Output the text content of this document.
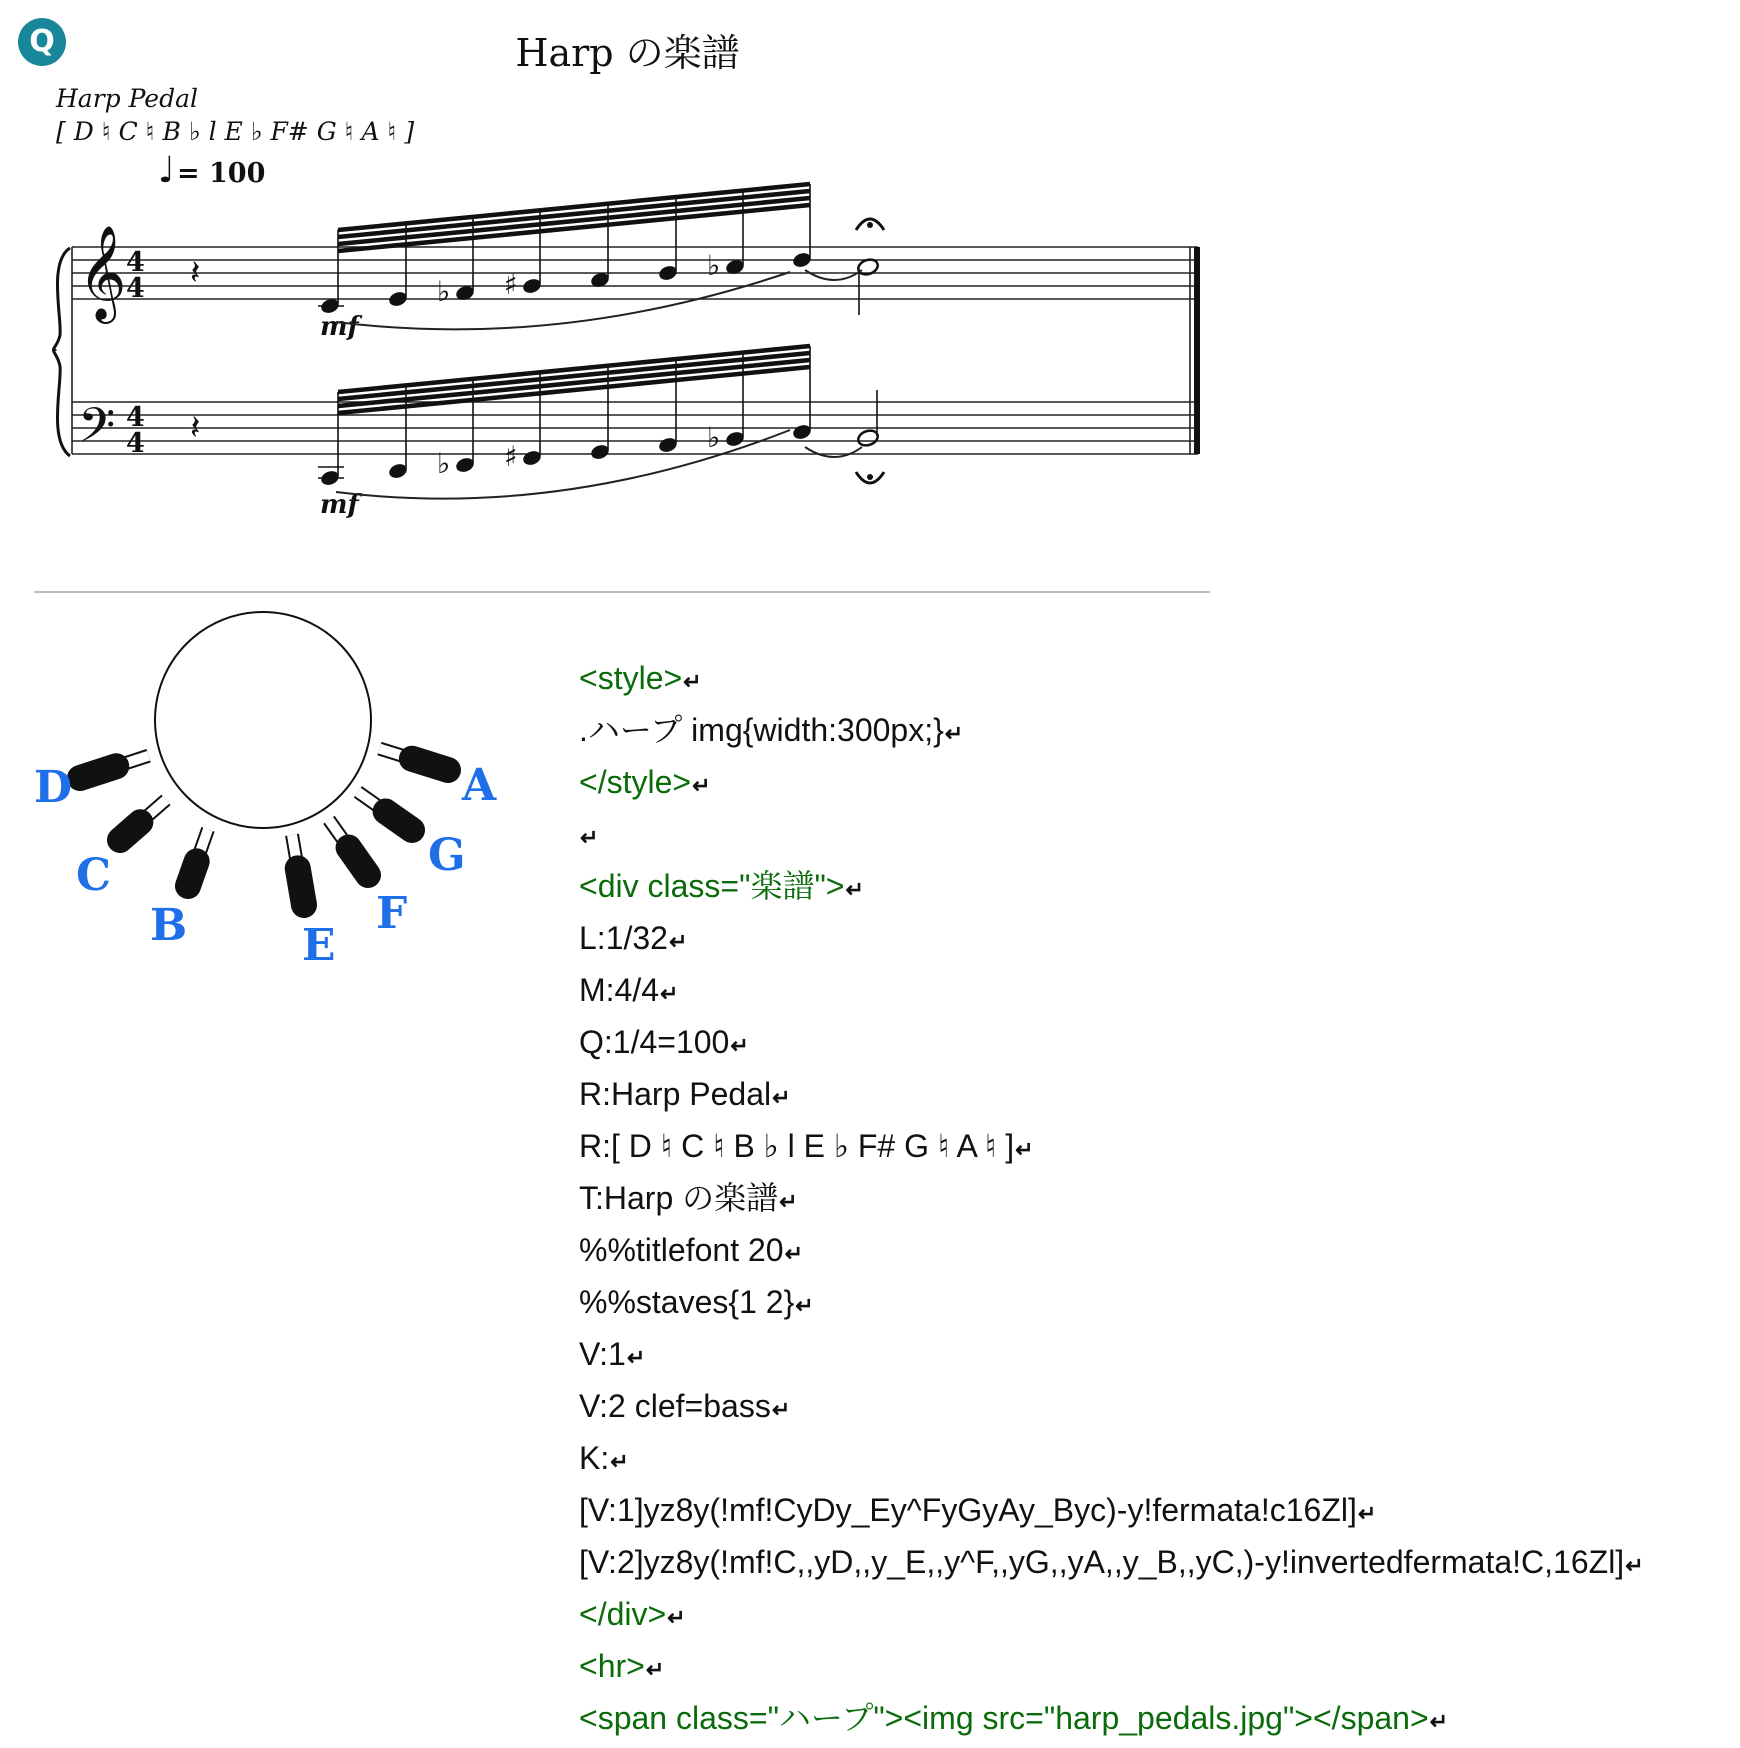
Q	Harp の楽譜
Harp Pedal
[ D ♮ C ♮ B ♭ l E ♭ F# G ♮ A ♮ ]
♩= 100
𝄞
𝄢
4
4
4
4
𝄽
𝄽
♭ ♯
♭
♭ ♯
♭
mf
mf
D
C
B	E
F
G
A
<style>↵
.ハープ img{width:300px;}↵
</style>↵
↵
<div class="楽譜">↵
L:1/32↵
M:4/4↵
Q:1/4=100↵
R:Harp Pedal↵
R:[ D ♮ C ♮ B ♭ l E ♭ F# G ♮ A ♮ ]↵
T:Harp の楽譜↵
%%titlefont 20↵
%%staves{1 2}↵
V:1↵
V:2 clef=bass↵
K:↵
[V:1]yz8y(!mf!CyDy_Ey^FyGyAy_Byc)-y!fermata!c16Zl]↵
[V:2]yz8y(!mf!C,,yD,,y_E,,y^F,,yG,,yA,,y_B,,yC,)-y!invertedfermata!C,16Zl]↵
</div>↵
<hr>↵
<span class="ハープ"><img src="harp_pedals.jpg"></span>↵
